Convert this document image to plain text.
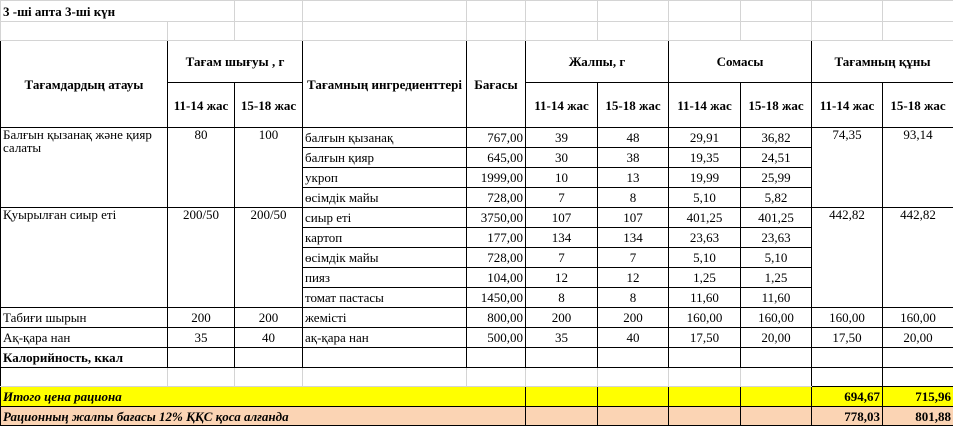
3 -ші апта 3-ші күн										

Тағамдардың атауы	Тағам шығуы , г		Тағамның ингредиенттері	Бағасы	Жалпы, г		Сомасы		Тағамның құны	
	11-14 жас	15-18 жас			11-14 жас	15-18 жас	11-14 жас	15-18 жас	11-14 жас	15-18 жас
Балғын қызанақ және қияр салаты	80	100	балғын қызанақ	767,00	39	48	29,91	36,82	74,35	93,14
			балғын қияр	645,00	30	38	19,35	24,51		
			укроп	1999,00	10	13	19,99	25,99		
			өсімдік майы	728,00	7	8	5,10	5,82		
Қуырылған сиыр еті	200/50	200/50	сиыр еті	3750,00	107	107	401,25	401,25	442,82	442,82
			картоп	177,00	134	134	23,63	23,63		
			өсімдік майы	728,00	7	7	5,10	5,10		
			пияз	104,00	12	12	1,25	1,25		
			томат пастасы	1450,00	8	8	11,60	11,60		
Табиғи шырын	200	200	жемісті	800,00	200	200	160,00	160,00	160,00	160,00
Ақ-қара нан	35	40	ақ-қара нан	500,00	35	40	17,50	20,00	17,50	20,00
Калорийность, ккал										

Итого цена рациона									694,67	715,96
Рационның жалпы бағасы 12% ҚҚС қоса алғанда									778,03	801,88
